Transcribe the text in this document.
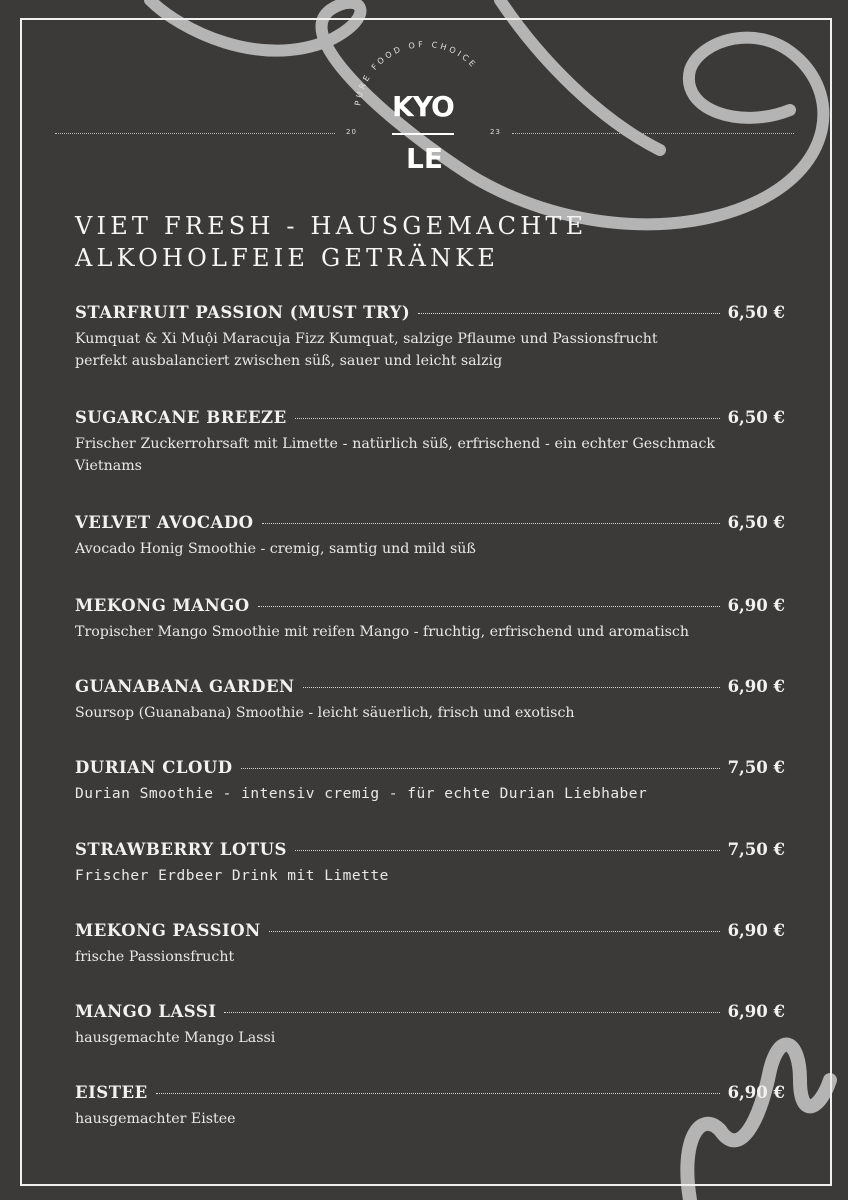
PURE FOOD OF CHOICE
20	23
KYO
LE
VIET FRESH - HAUSGEMACHTE
ALKOHOLFEIE GETRÄNKE
STARFRUIT PASSION (MUST TRY)	6,50 €
Kumquat & Xi Muội Maracuja Fizz Kumquat, salzige Pflaume und Passionsfrucht
perfekt ausbalanciert zwischen süß, sauer und leicht salzig
SUGARCANE BREEZE	6,50 €
Frischer Zuckerrohrsaft mit Limette - natürlich süß, erfrischend - ein echter Geschmack Vietnams
VELVET AVOCADO	6,50 €
Avocado Honig Smoothie - cremig, samtig und mild süß
MEKONG MANGO	6,90 €
Tropischer Mango Smoothie mit reifen Mango - fruchtig, erfrischend und aromatisch
GUANABANA GARDEN	6,90 €
Soursop (Guanabana) Smoothie - leicht säuerlich, frisch und exotisch
DURIAN CLOUD	7,50 €
Durian Smoothie - intensiv cremig - für echte Durian Liebhaber
STRAWBERRY LOTUS	7,50 €
Frischer Erdbeer Drink mit Limette
MEKONG PASSION	6,90 €
frische Passionsfrucht
MANGO LASSI	6,90 €
hausgemachte Mango Lassi
EISTEE	6,90 €
hausgemachter Eistee
